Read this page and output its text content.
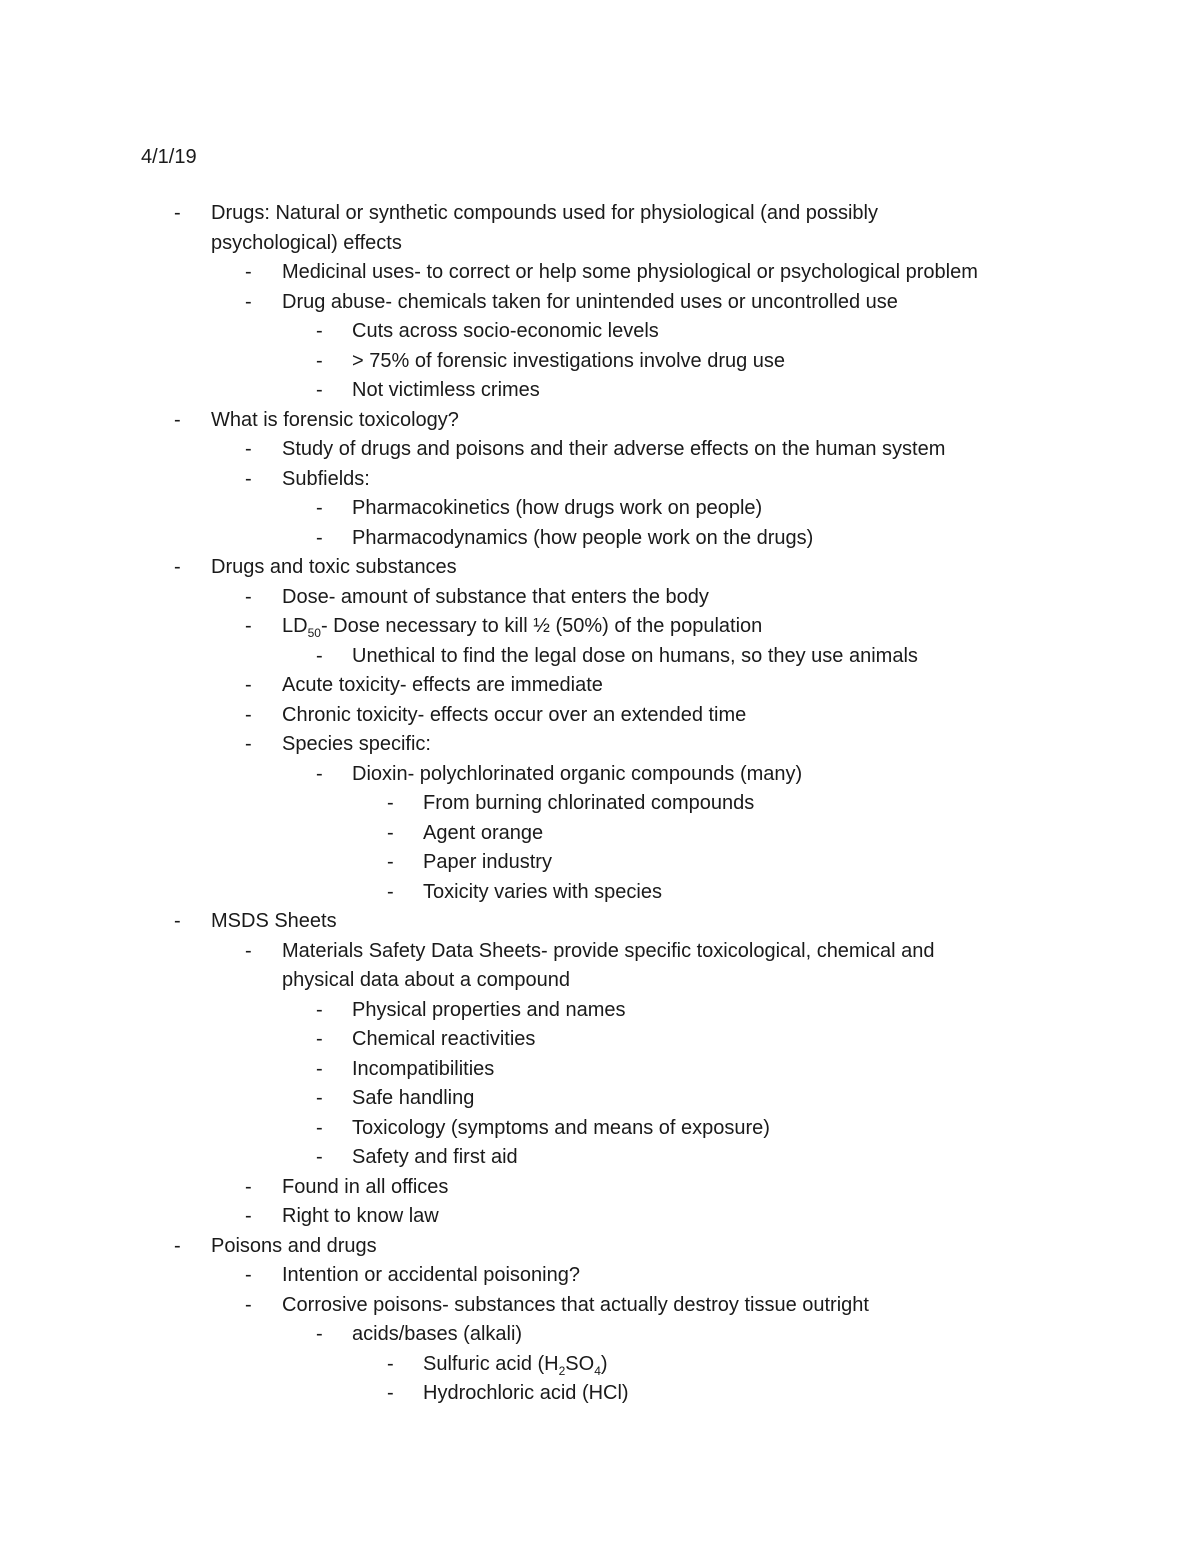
4/1/19
- Drugs: Natural or synthetic compounds used for physiological (and possibly
psychological) effects
- Medicinal uses- to correct or help some physiological or psychological problem
- Drug abuse- chemicals taken for unintended uses or uncontrolled use
- Cuts across socio-economic levels
- > 75% of forensic investigations involve drug use
- Not victimless crimes
- What is forensic toxicology?
- Study of drugs and poisons and their adverse effects on the human system
- Subfields:
- Pharmacokinetics (how drugs work on people)
- Pharmacodynamics (how people work on the drugs)
- Drugs and toxic substances
- Dose- amount of substance that enters the body
- $LD_{50}-$ Dose necessary to kill ½ (50%) of the population
- Unethical to find the legal dose on humans, so they use animals
- Acute toxicity- effects are immediate
- Chronic toxicity- effects occur over an extended time
- Species specific:
- Dioxin- polychlorinated organic compounds (many)
- From burning chlorinated compounds
- Agent orange
- Paper industry
- Toxicity varies with species
- MSDS Sheets
- Materials Safety Data Sheets- provide specific toxicological, chemical and
physical data about a compound
- Physical properties and names
- Chemical reactivities
- Incompatibilities
- Safe handling
- Toxicology (symptoms and means of exposure)
- Safety and first aid
- Found in all offices
- Right to know law
- Poisons and drugs
- Intention or accidental poisoning?
- Corrosive poisons- substances that actually destroy tissue outright
- acids/bases (alkali)
- Sulfuric acid $(H_2SO_4)$
- Hydrochloric acid (HCl)
